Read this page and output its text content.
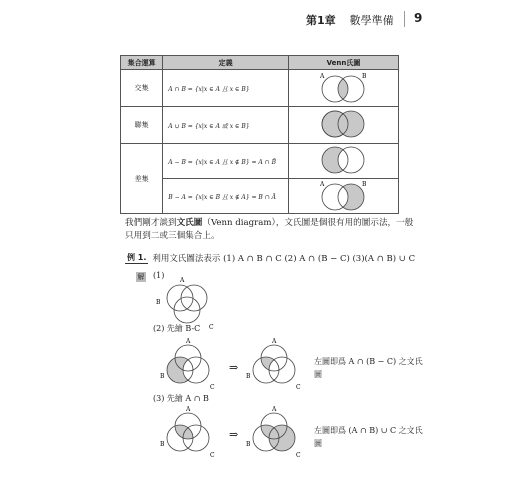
第1章 數學準備 9
集合運算	定義	Venn氏圖
交集	A ∩ B = {x|x ∈ A 且 x ∈ B}	A B

聯集	A ∪ B = {x|x ∈ A 或 x ∈ B}	
差集	A − B = {x|x ∈ A 且 x ∉ B} = A ∩ B̄	
	B − A = {x|x ∈ B 且 x ∉ A} = B ∩ Ā	A B
我們剛才談到文氏圖（Venn diagram），文氏圖是個很有用的圖示法，一般只用到二或三個集合上。
例 1. 利用文氏圖法表示 (1) A ∩ B ∩ C (2) A ∩ (B − C) (3)(A ∩ B) ∪ C
解 (1)
A
B
C
(2) 先繪 B-C
A
B
C
⇒
A
B
C
左圖即爲 A ∩ (B − C) 之文氏圖
(3) 先繪 A ∩ B
A
B
C
⇒
A
B
C
左圖即爲 (A ∩ B) ∪ C 之文氏圖
